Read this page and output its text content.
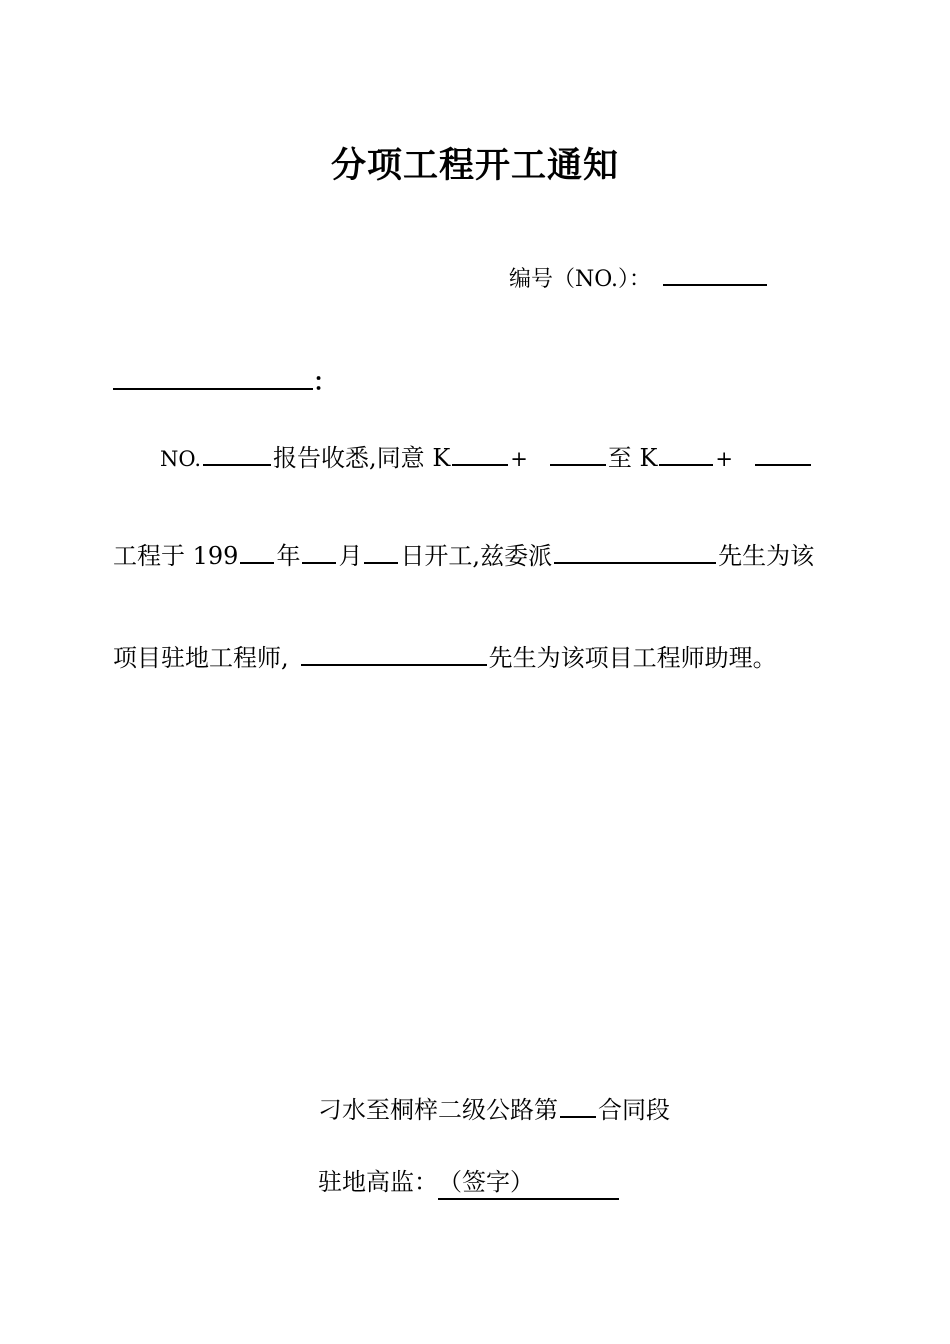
分项工程开工通知
编号（NO.）：
：
NO.	报告收悉,同意 K	+	至 K	+
工程于 199 年 月 日开工,兹委派	先生为该
项目驻地工程师,	先生为该项目工程师助理。
刁水至桐梓二级公路第 合同段
驻地高监：（签字）
